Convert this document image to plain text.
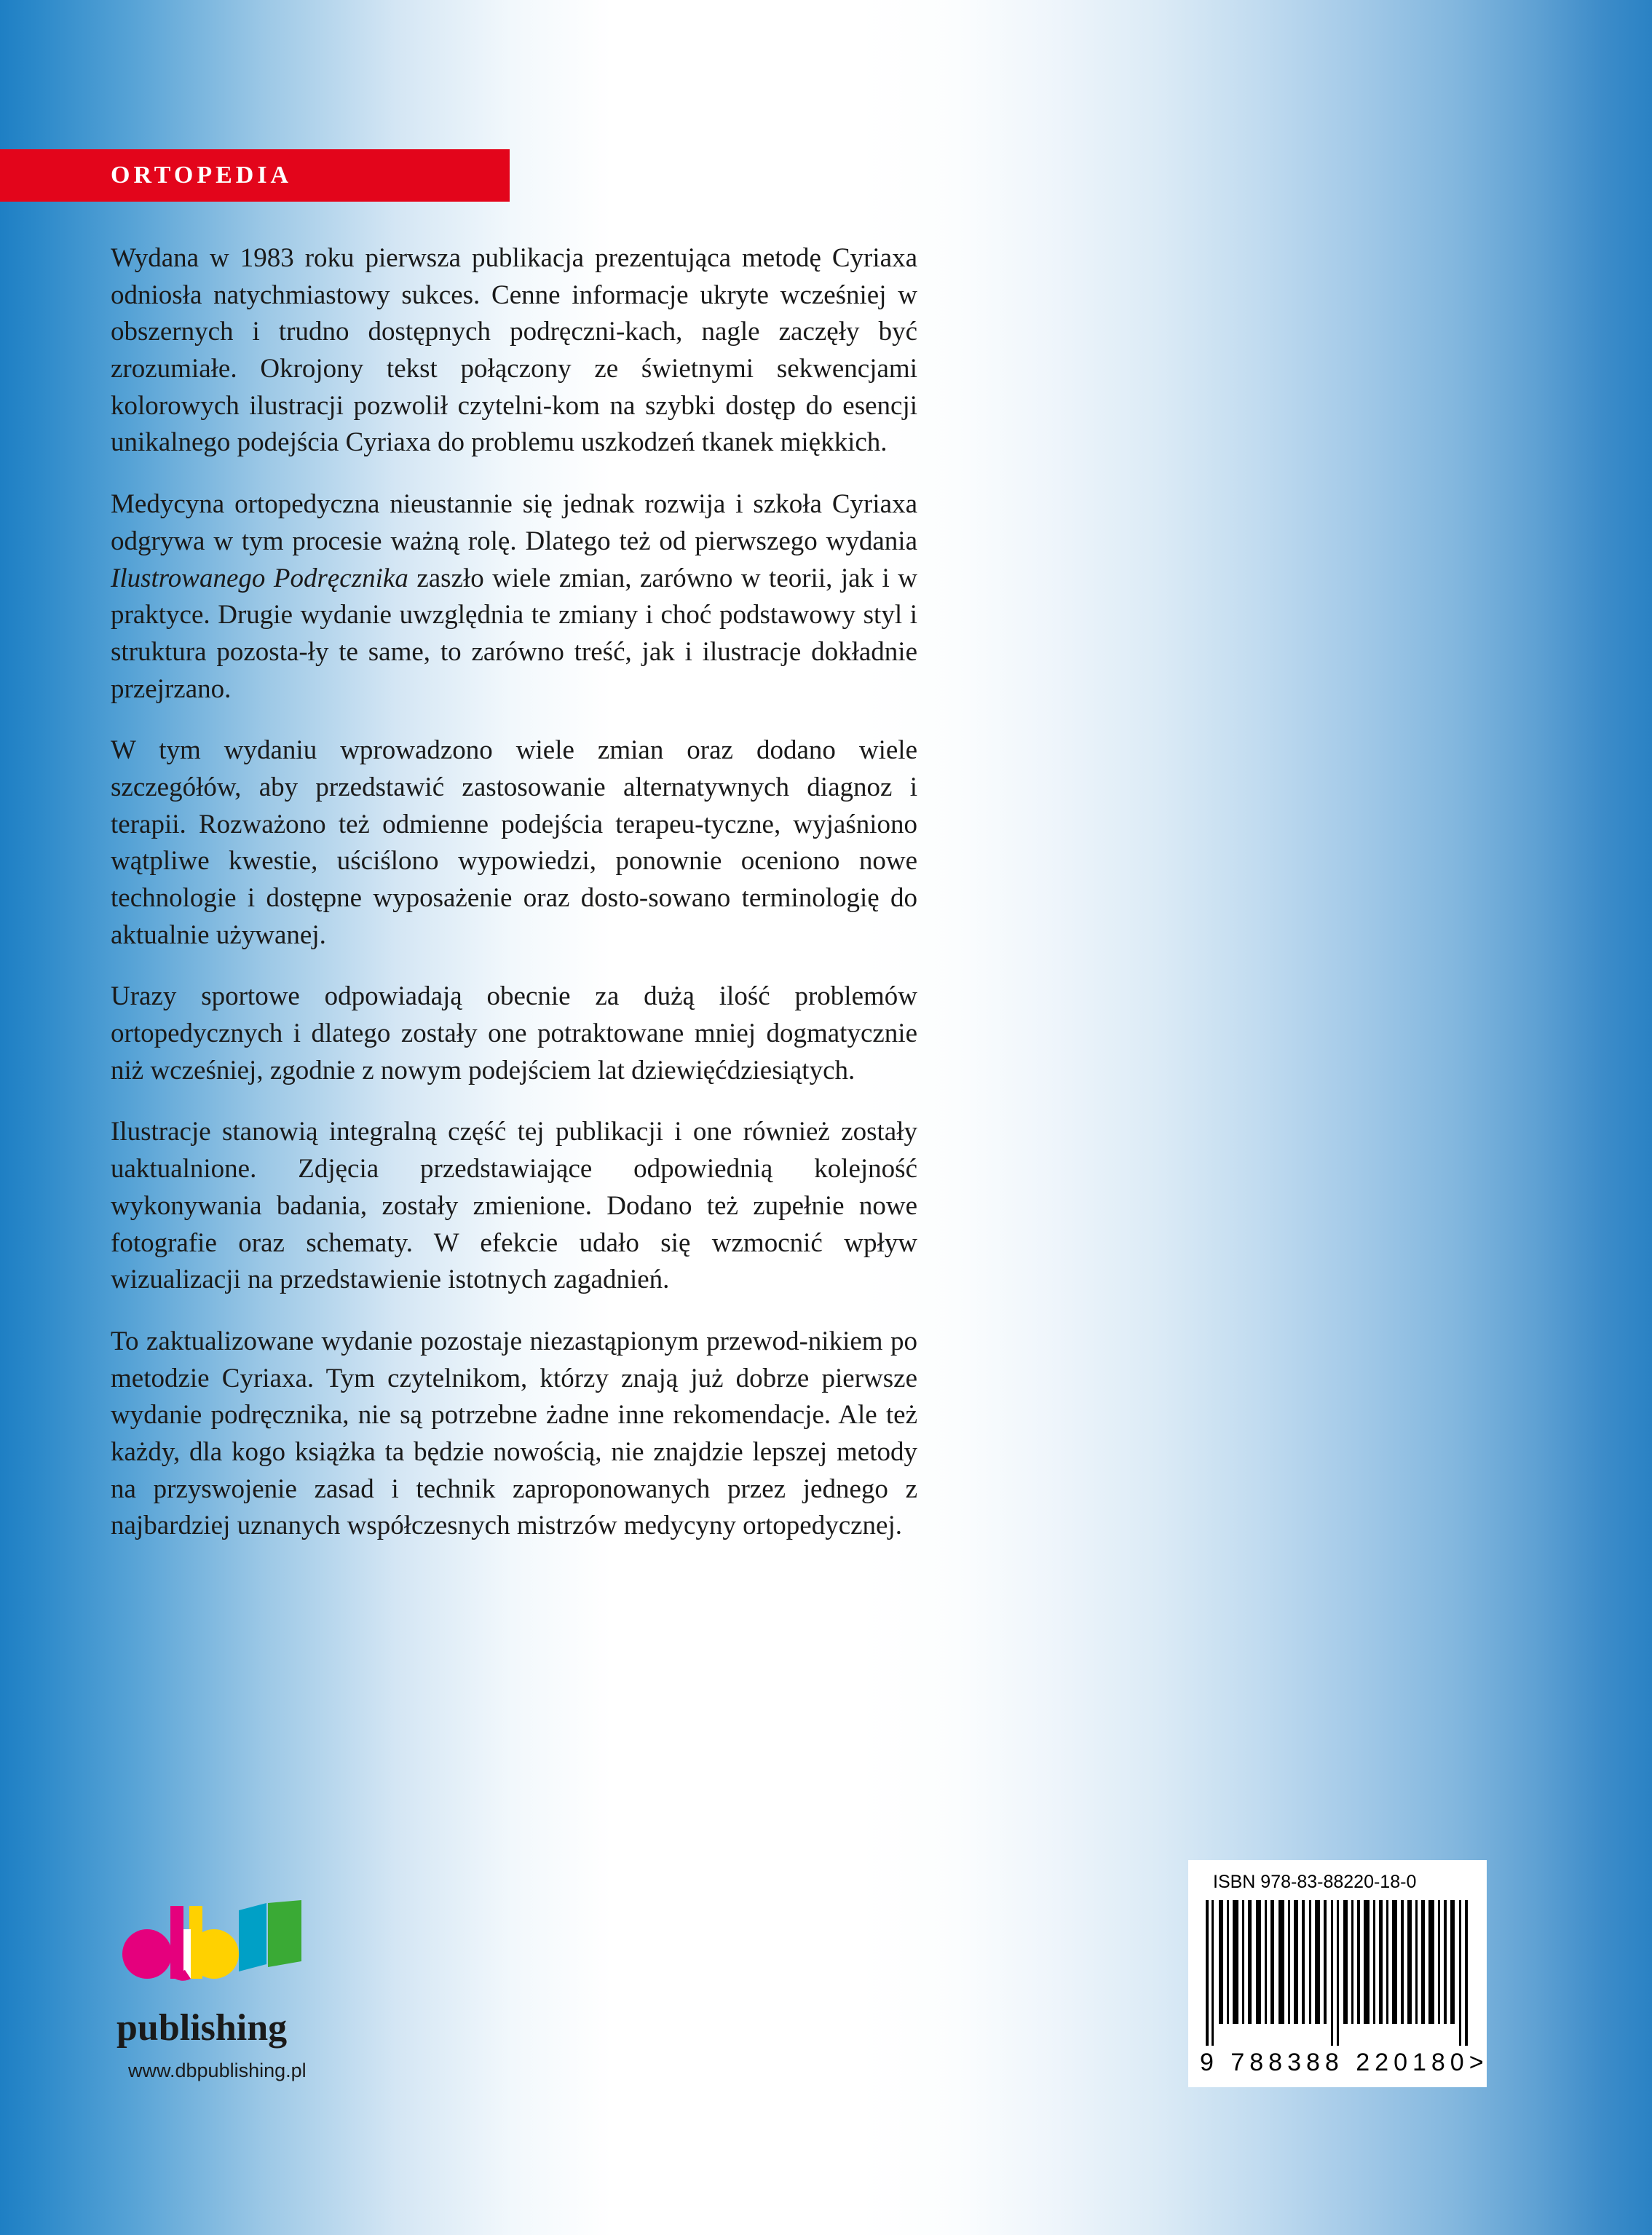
ORTOPEDIA

Wydana w 1983 roku pierwsza publikacja prezentująca metodę Cyriaxa odniosła natychmiastowy sukces. Cenne informacje ukryte wcześniej w obszernych i trudno dostępnych podręczni-kach, nagle zaczęły być zrozumiałe. Okrojony tekst połączony ze świetnymi sekwencjami kolorowych ilustracji pozwolił czytelni-kom na szybki dostęp do esencji unikalnego podejścia Cyriaxa do problemu uszkodzeń tkanek miękkich.

Medycyna ortopedyczna nieustannie się jednak rozwija i szkoła Cyriaxa odgrywa w tym procesie ważną rolę. Dlatego też od pierwszego wydania Ilustrowanego Podręcznika zaszło wiele zmian, zarówno w teorii, jak i w praktyce. Drugie wydanie uwzględnia te zmiany i choć podstawowy styl i struktura pozosta-ły te same, to zarówno treść, jak i ilustracje dokładnie przejrzano.

W tym wydaniu wprowadzono wiele zmian oraz dodano wiele szczegółów, aby przedstawić zastosowanie alternatywnych diagnoz i terapii. Rozważono też odmienne podejścia terapeu-tyczne, wyjaśniono wątpliwe kwestie, uściślono wypowiedzi, ponownie oceniono nowe technologie i dostępne wyposażenie oraz dosto-sowano terminologię do aktualnie używanej.

Urazy sportowe odpowiadają obecnie za dużą ilość problemów ortopedycznych i dlatego zostały one potraktowane mniej dogmatycznie niż wcześniej, zgodnie z nowym podejściem lat dziewięćdziesiątych.

Ilustracje stanowią integralną część tej publikacji i one również zostały uaktualnione. Zdjęcia przedstawiające odpowiednią kolejność wykonywania badania, zostały zmienione. Dodano też zupełnie nowe fotografie oraz schematy. W efekcie udało się wzmocnić wpływ wizualizacji na przedstawienie istotnych zagadnień.

To zaktualizowane wydanie pozostaje niezastąpionym przewod-nikiem po metodzie Cyriaxa. Tym czytelnikom, którzy znają już dobrze pierwsze wydanie podręcznika, nie są potrzebne żadne inne rekomendacje. Ale też każdy, dla kogo książka ta będzie nowością, nie znajdzie lepszej metody na przyswojenie zasad i technik zaproponowanych przez jednego z najbardziej uznanych współczesnych mistrzów medycyny ortopedycznej.

publishing
www.dbpublishing.pl
ISBN 978-83-88220-18-0
9 788388 220180>
